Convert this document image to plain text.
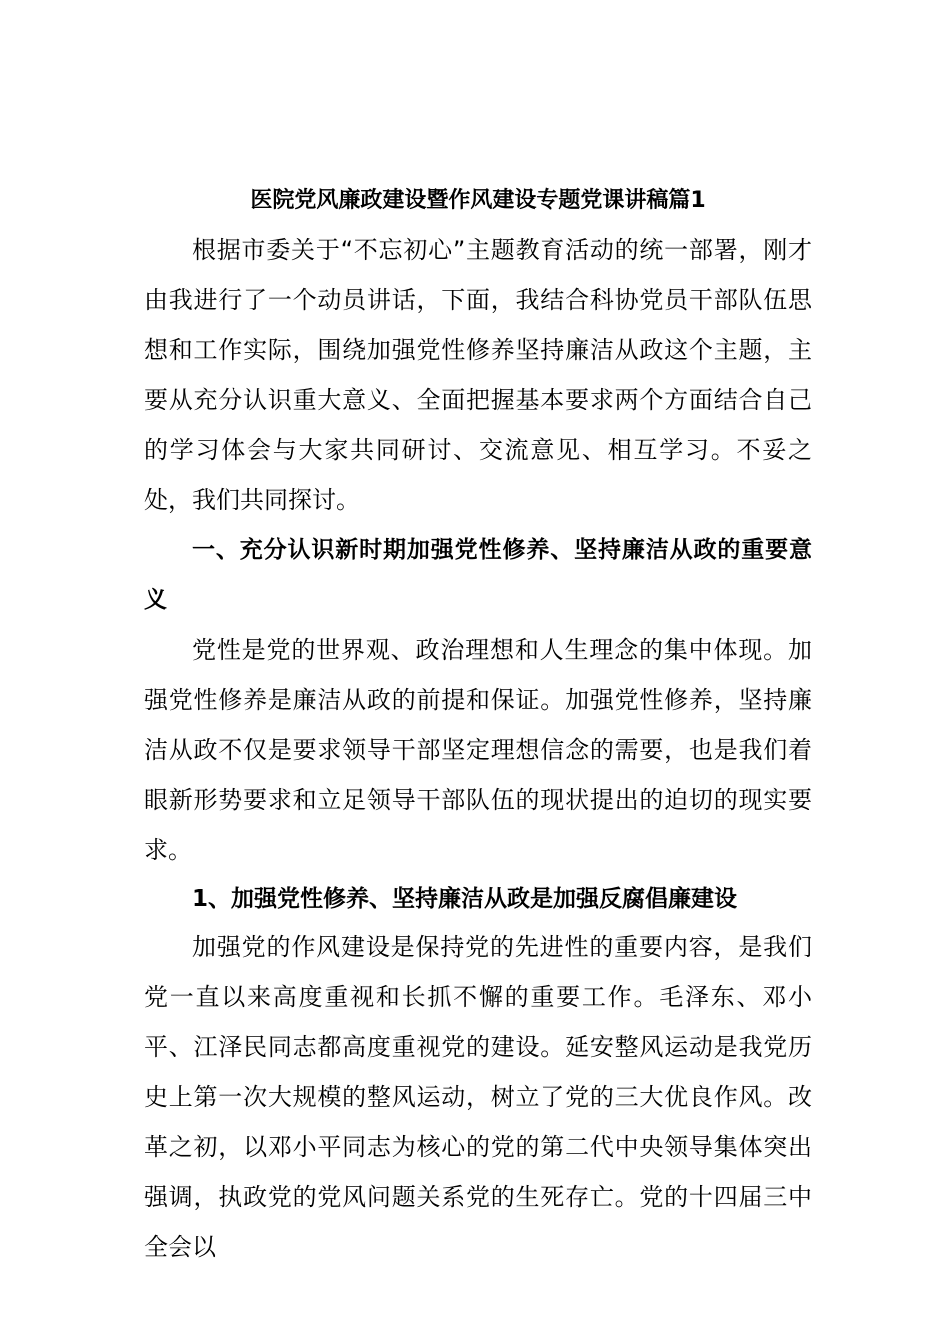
医院党风廉政建设暨作风建设专题党课讲稿篇1

根据市委关于“不忘初心”主题教育活动的统一部署，刚才由我进行了一个动员讲话，下面，我结合科协党员干部队伍思想和工作实际，围绕加强党性修养坚持廉洁从政这个主题，主要从充分认识重大意义、全面把握基本要求两个方面结合自己的学习体会与大家共同研讨、交流意见、相互学习。不妥之处，我们共同探讨。

一、充分认识新时期加强党性修养、坚持廉洁从政的重要意义

党性是党的世界观、政治理想和人生理念的集中体现。加强党性修养是廉洁从政的前提和保证。加强党性修养，坚持廉洁从政不仅是要求领导干部坚定理想信念的需要，也是我们着眼新形势要求和立足领导干部队伍的现状提出的迫切的现实要求。

1、加强党性修养、坚持廉洁从政是加强反腐倡廉建设

加强党的作风建设是保持党的先进性的重要内容，是我们党一直以来高度重视和长抓不懈的重要工作。毛泽东、邓小平、江泽民同志都高度重视党的建设。延安整风运动是我党历史上第一次大规模的整风运动，树立了党的三大优良作风。改革之初，以邓小平同志为核心的党的第二代中央领导集体突出强调，执政党的党风问题关系党的生死存亡。党的十四届三中全会以
